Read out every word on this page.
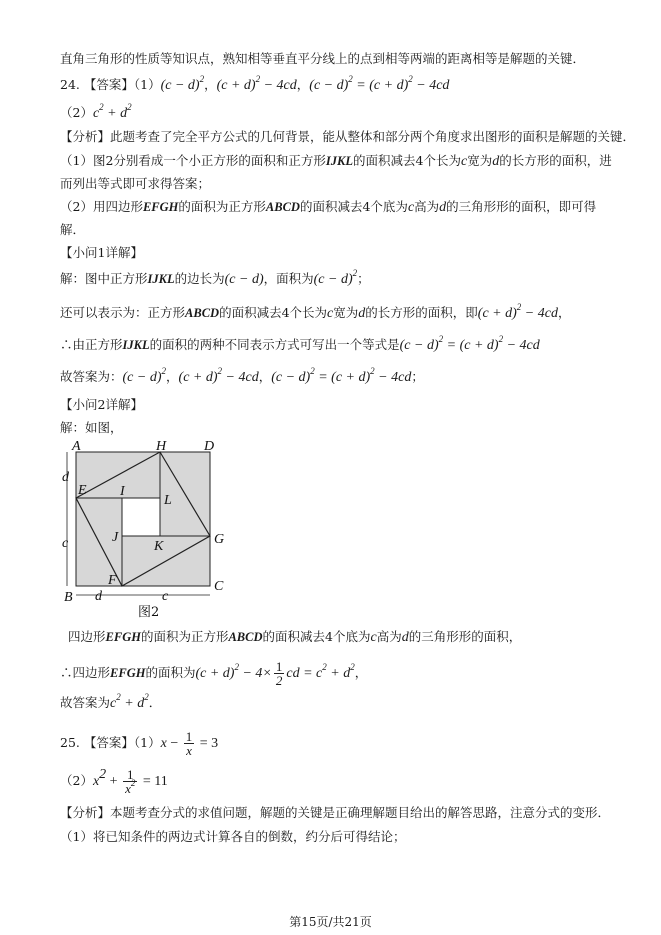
直角三角形的性质等知识点，熟知相等垂直平分线上的点到相等两端的距离相等是解题的关键．
24. 【答案】$(1)(c - d)^2$，$(c + d)^2 - 4cd$，$(c - d)^2 = (c + d)^2 - 4cd$
$(2)c^2 + d^2$
【分析】此题考查了完全平方公式的几何背景，能从整体和部分两个角度求出图形的面积是解题的关键．
（1）图2分别看成一个小正方形的面积和正方形IJKL的面积减去4个长为c宽为d的长方形的面积，进
而列出等式即可求得答案；
（2）用四边形EFGH的面积为正方形ABCD的面积减去4个底为c高为d的三角形形的面积，即可得
解．
【小问1详解】
解：图中正方形IJKL的边长为(c − d)，面积为$(c - d)^2$；
还可以表示为：正方形ABCD的面积减去4个长为c宽为d的长方形的面积，即$(c + d)^2 - 4cd$，
∴由正方形IJKL的面积的两种不同表示方式可写出一个等式是$(c - d)^2 = (c + d)^2 - 4cd$
故答案为：$(c - d)^2$，$(c + d)^2 - 4cd$，$(c - d)^2 = (c + d)^2 - 4cd$；
【小问2详解】
解：如图，
A	H	D
E I
L
J
K	G
F
B
C
d
c
d	c
图2
四边形EFGH的面积为正方形ABCD的面积减去4个底为c高为d的三角形形的面积，
∴四边形EFGH的面积为$(c + d)^2 - 4\times \frac{1}{2}$ cd = $c^2 + d^2$，
故答案为$c^2 + d^2$．
25. 【答案】$(1)x - \frac{1}{x} = 3$
$(2)x^2 + \frac{1}{x^2} = 11$
【分析】本题考查分式的求值问题，解题的关键是正确理解题目给出的解答思路，注意分式的变形．
（1）将已知条件的两边式计算各自的倒数，约分后可得结论；
第15页/共21页
